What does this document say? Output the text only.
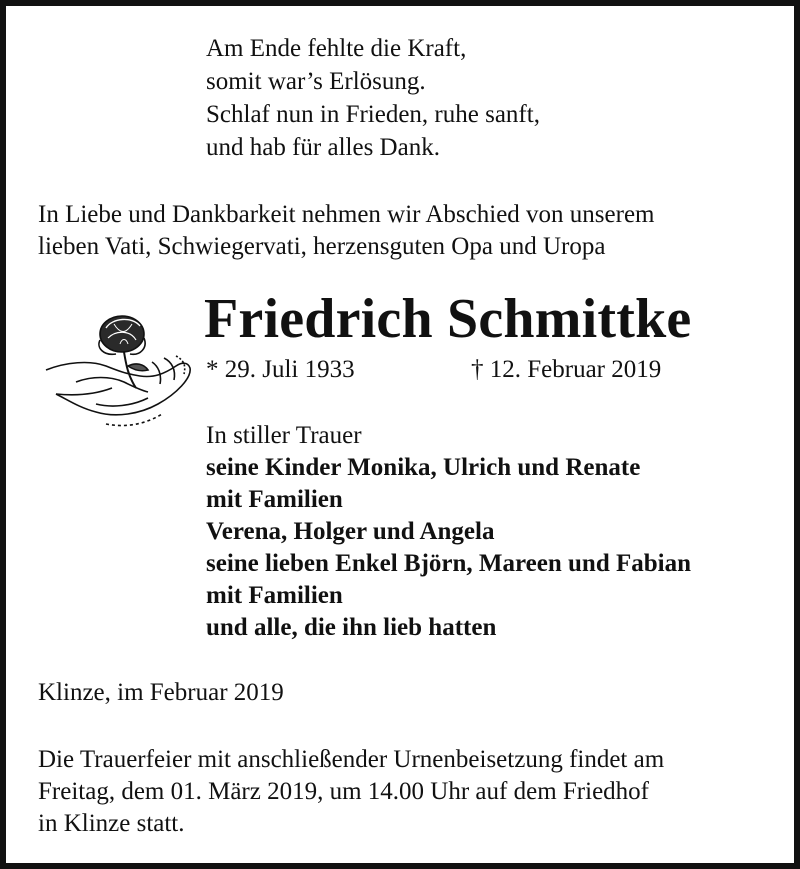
Am Ende fehlte die Kraft,
somit war’s Erlösung.
Schlaf nun in Frieden, ruhe sanft,
und hab für alles Dank.
In Liebe und Dankbarkeit nehmen wir Abschied von unserem
lieben Vati, Schwiegervati, herzensguten Opa und Uropa
Friedrich Schmittke
* 29. Juli 1933	† 12. Februar 2019
In stiller Trauer
seine Kinder Monika, Ulrich und Renate
mit Familien
Verena, Holger und Angela
seine lieben Enkel Björn, Mareen und Fabian
mit Familien
und alle, die ihn lieb hatten
Klinze, im Februar 2019
Die Trauerfeier mit anschließender Urnenbeisetzung findet am
Freitag, dem 01. März 2019, um 14.00 Uhr auf dem Friedhof
in Klinze statt.
